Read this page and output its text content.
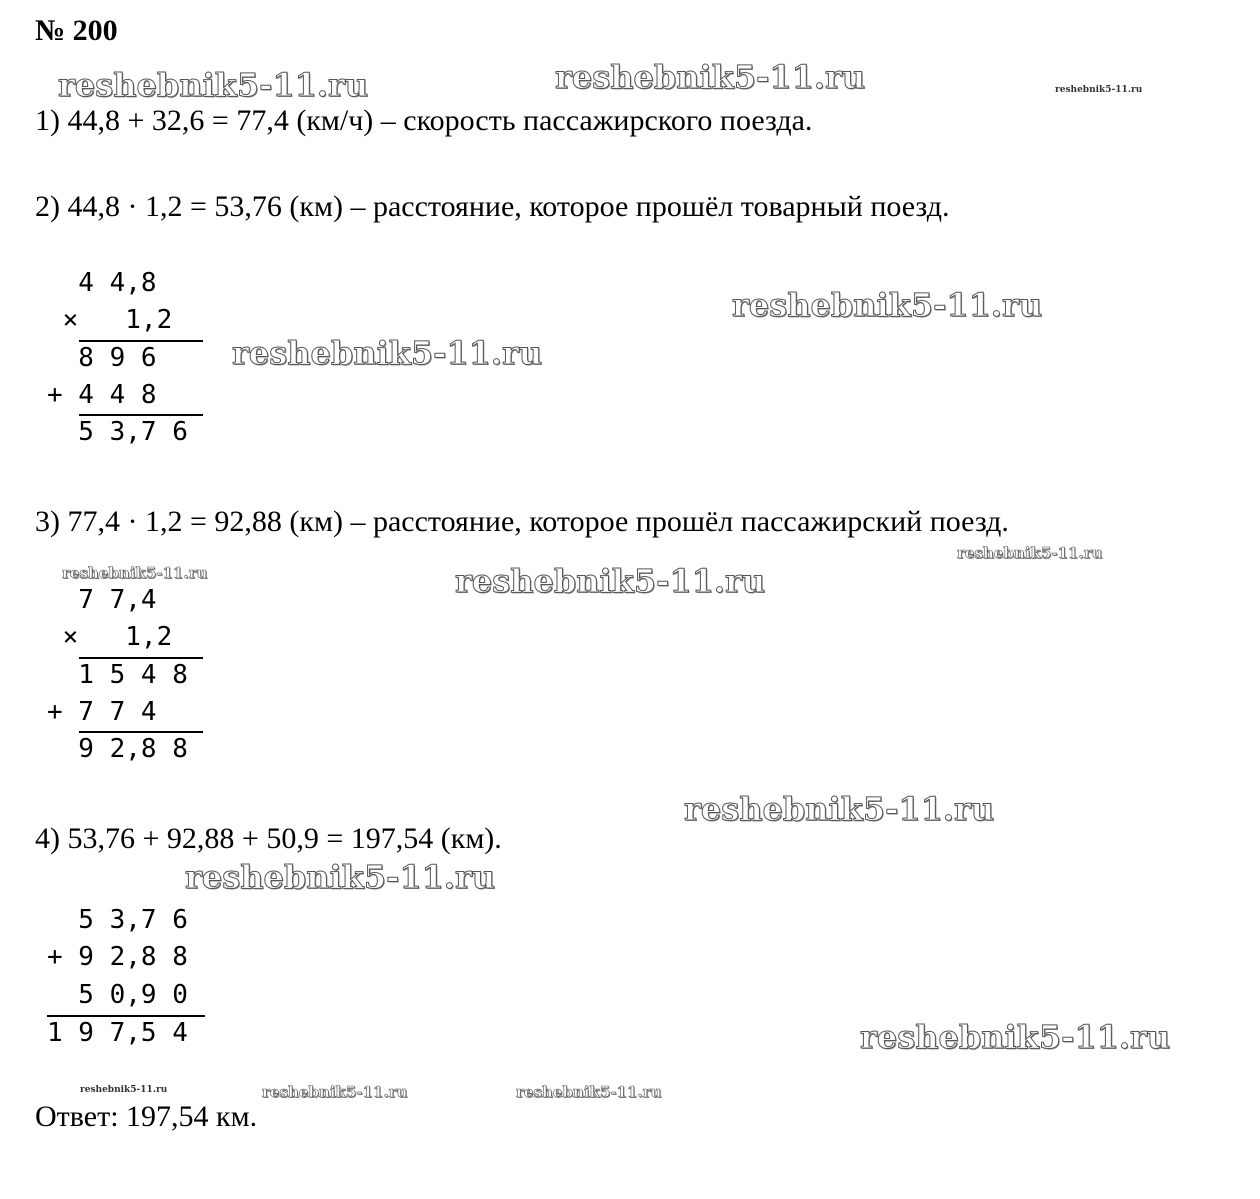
№ 200
1) 44,8 + 32,6 = 77,4 (км/ч) – скорость пассажирского поезда.
2) 44,8 · 1,2 = 53,76 (км) – расстояние, которое прошёл товарный поезд.
3) 77,4 · 1,2 = 92,88 (км) – расстояние, которое прошёл пассажирский поезд.
4) 53,76 + 92,88 + 50,9 = 197,54 (км).
Ответ: 197,54 км.
4 4,8
×   1,2
8 9 6
+ 4 4 8
5 3,7 6
7 7,4
×   1,2
1 5 4 8
+ 7 7 4
9 2,8 8
5 3,7 6
+ 9 2,8 8
5 0,9 0
1 9 7,5 4
reshebnik5-11.ru	reshebnik5-11.ru	reshebnik5-11.ru
reshebnik5-11.ru
reshebnik5-11.ru
reshebnik5-11.ru
reshebnik5-11.ru	reshebnik5-11.ru
reshebnik5-11.ru
reshebnik5-11.ru
reshebnik5-11.ru
reshebnik5-11.ru	reshebnik5-11.ru	reshebnik5-11.ru
